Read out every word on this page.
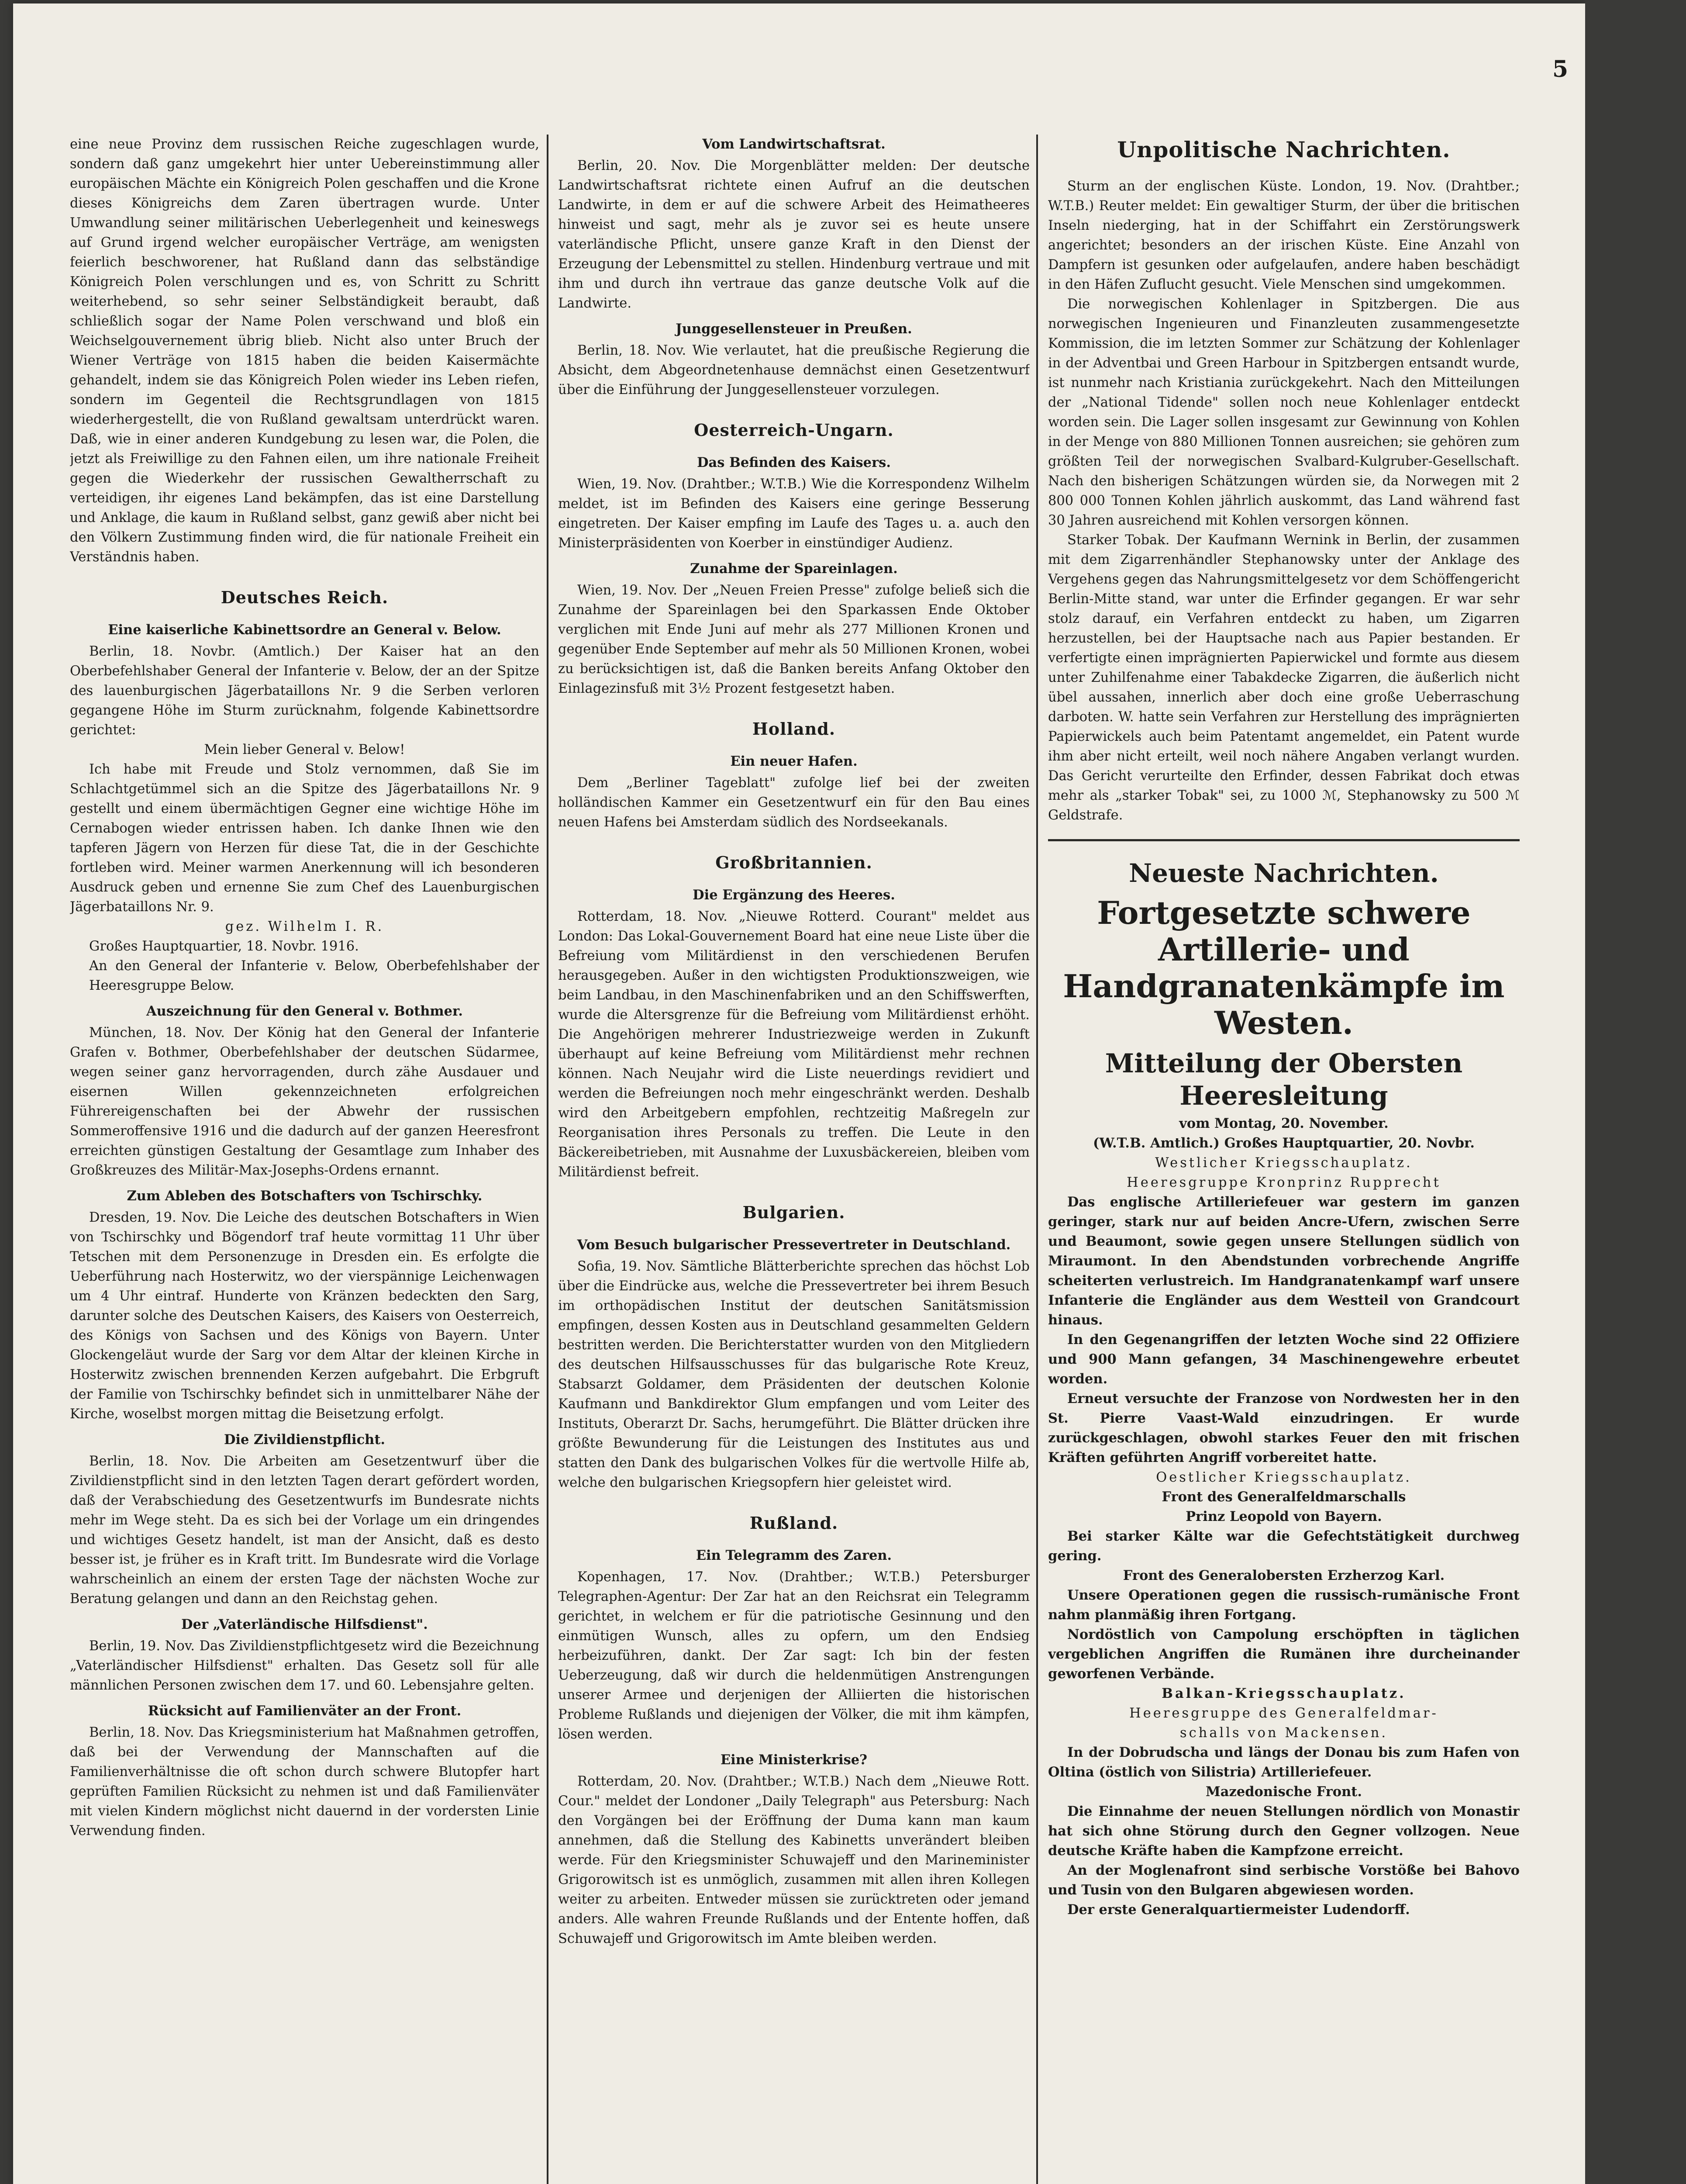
5

eine neue Provinz dem russischen Reiche zugeschlagen wurde, sondern daß ganz umgekehrt hier unter Uebereinstimmung aller europäischen Mächte ein Königreich Polen geschaffen und die Krone dieses Königreichs dem Zaren übertragen wurde. Unter Umwandlung seiner militärischen Ueberlegenheit und keineswegs auf Grund irgend welcher europäischer Verträge, am wenigsten feierlich beschworener, hat Rußland dann das selbständige Königreich Polen verschlungen und es, von Schritt zu Schritt weiterhebend, so sehr seiner Selbständigkeit beraubt, daß schließlich sogar der Name Polen verschwand und bloß ein Weichselgouvernement übrig blieb. Nicht also unter Bruch der Wiener Verträge von 1815 haben die beiden Kaisermächte gehandelt, indem sie das Königreich Polen wieder ins Leben riefen, sondern im Gegenteil die Rechtsgrundlagen von 1815 wiederhergestellt, die von Rußland gewaltsam unterdrückt waren. Daß, wie in einer anderen Kundgebung zu lesen war, die Polen, die jetzt als Freiwillige zu den Fahnen eilen, um ihre nationale Freiheit gegen die Wiederkehr der russischen Gewaltherrschaft zu verteidigen, ihr eigenes Land bekämpfen, das ist eine Darstellung und Anklage, die kaum in Rußland selbst, ganz gewiß aber nicht bei den Völkern Zustimmung finden wird, die für nationale Freiheit ein Verständnis haben.

Deutsches Reich.
Eine kaiserliche Kabinettsordre an General v. Below.

Berlin, 18. Novbr. (Amtlich.) Der Kaiser hat an den Oberbefehlshaber General der Infanterie v. Below, der an der Spitze des lauenburgischen Jägerbataillons Nr. 9 die Serben verloren gegangene Höhe im Sturm zurücknahm, folgende Kabinettsordre gerichtet:

Mein lieber General v. Below!

Ich habe mit Freude und Stolz vernommen, daß Sie im Schlachtgetümmel sich an die Spitze des Jägerbataillons Nr. 9 gestellt und einem übermächtigen Gegner eine wichtige Höhe im Cernabogen wieder entrissen haben. Ich danke Ihnen wie den tapferen Jägern von Herzen für diese Tat, die in der Geschichte fortleben wird. Meiner warmen Anerkennung will ich besonderen Ausdruck geben und ernenne Sie zum Chef des Lauenburgischen Jägerbataillons Nr. 9.

gez. Wilhelm I. R.

Großes Hauptquartier, 18. Novbr. 1916.

An den General der Infanterie v. Below, Oberbefehlshaber der Heeresgruppe Below.

Auszeichnung für den General v. Bothmer.

München, 18. Nov. Der König hat den General der Infanterie Grafen v. Bothmer, Oberbefehlshaber der deutschen Südarmee, wegen seiner ganz hervorragenden, durch zähe Ausdauer und eisernen Willen gekennzeichneten erfolgreichen Führereigenschaften bei der Abwehr der russischen Sommeroffensive 1916 und die dadurch auf der ganzen Heeresfront erreichten günstigen Gestaltung der Gesamtlage zum Inhaber des Großkreuzes des Militär-Max-Josephs-Ordens ernannt.

Zum Ableben des Botschafters von Tschirschky.

Dresden, 19. Nov. Die Leiche des deutschen Botschafters in Wien von Tschirschky und Bögendorf traf heute vormittag 11 Uhr über Tetschen mit dem Personenzuge in Dresden ein. Es erfolgte die Ueberführung nach Hosterwitz, wo der vierspännige Leichenwagen um 4 Uhr eintraf. Hunderte von Kränzen bedeckten den Sarg, darunter solche des Deutschen Kaisers, des Kaisers von Oesterreich, des Königs von Sachsen und des Königs von Bayern. Unter Glockengeläut wurde der Sarg vor dem Altar der kleinen Kirche in Hosterwitz zwischen brennenden Kerzen aufgebahrt. Die Erbgruft der Familie von Tschirschky befindet sich in unmittelbarer Nähe der Kirche, woselbst morgen mittag die Beisetzung erfolgt.

Die Zivildienstpflicht.

Berlin, 18. Nov. Die Arbeiten am Gesetzentwurf über die Zivildienstpflicht sind in den letzten Tagen derart gefördert worden, daß der Verabschiedung des Gesetzentwurfs im Bundesrate nichts mehr im Wege steht. Da es sich bei der Vorlage um ein dringendes und wichtiges Gesetz handelt, ist man der Ansicht, daß es desto besser ist, je früher es in Kraft tritt. Im Bundesrate wird die Vorlage wahrscheinlich an einem der ersten Tage der nächsten Woche zur Beratung gelangen und dann an den Reichstag gehen.

Der „Vaterländische Hilfsdienst".

Berlin, 19. Nov. Das Zivildienstpflichtgesetz wird die Bezeichnung „Vaterländischer Hilfsdienst" erhalten. Das Gesetz soll für alle männlichen Personen zwischen dem 17. und 60. Lebensjahre gelten.

Rücksicht auf Familienväter an der Front.

Berlin, 18. Nov. Das Kriegsministerium hat Maßnahmen getroffen, daß bei der Verwendung der Mannschaften auf die Familienverhältnisse die oft schon durch schwere Blutopfer hart geprüften Familien Rücksicht zu nehmen ist und daß Familienväter mit vielen Kindern möglichst nicht dauernd in der vordersten Linie Verwendung finden.

Vom Landwirtschaftsrat.

Berlin, 20. Nov. Die Morgenblätter melden: Der deutsche Landwirtschaftsrat richtete einen Aufruf an die deutschen Landwirte, in dem er auf die schwere Arbeit des Heimatheeres hinweist und sagt, mehr als je zuvor sei es heute unsere vaterländische Pflicht, unsere ganze Kraft in den Dienst der Erzeugung der Lebensmittel zu stellen. Hindenburg vertraue und mit ihm und durch ihn vertraue das ganze deutsche Volk auf die Landwirte.

Junggesellensteuer in Preußen.

Berlin, 18. Nov. Wie verlautet, hat die preußische Regierung die Absicht, dem Abgeordnetenhause demnächst einen Gesetzentwurf über die Einführung der Junggesellensteuer vorzulegen.

Oesterreich-Ungarn.
Das Befinden des Kaisers.

Wien, 19. Nov. (Drahtber.; W.T.B.) Wie die Korrespondenz Wilhelm meldet, ist im Befinden des Kaisers eine geringe Besserung eingetreten. Der Kaiser empfing im Laufe des Tages u. a. auch den Ministerpräsidenten von Koerber in einstündiger Audienz.

Zunahme der Spareinlagen.

Wien, 19. Nov. Der „Neuen Freien Presse" zufolge beließ sich die Zunahme der Spareinlagen bei den Sparkassen Ende Oktober verglichen mit Ende Juni auf mehr als 277 Millionen Kronen und gegenüber Ende September auf mehr als 50 Millionen Kronen, wobei zu berücksichtigen ist, daß die Banken bereits Anfang Oktober den Einlagezinsfuß mit 3½ Prozent festgesetzt haben.

Holland.
Ein neuer Hafen.

Dem „Berliner Tageblatt" zufolge lief bei der zweiten holländischen Kammer ein Gesetzentwurf ein für den Bau eines neuen Hafens bei Amsterdam südlich des Nordseekanals.

Großbritannien.
Die Ergänzung des Heeres.

Rotterdam, 18. Nov. „Nieuwe Rotterd. Courant" meldet aus London: Das Lokal-Gouvernement Board hat eine neue Liste über die Befreiung vom Militärdienst in den verschiedenen Berufen herausgegeben. Außer in den wichtigsten Produktionszweigen, wie beim Landbau, in den Maschinenfabriken und an den Schiffswerften, wurde die Altersgrenze für die Befreiung vom Militärdienst erhöht. Die Angehörigen mehrerer Industriezweige werden in Zukunft überhaupt auf keine Befreiung vom Militärdienst mehr rechnen können. Nach Neujahr wird die Liste neuerdings revidiert und werden die Befreiungen noch mehr eingeschränkt werden. Deshalb wird den Arbeitgebern empfohlen, rechtzeitig Maßregeln zur Reorganisation ihres Personals zu treffen. Die Leute in den Bäckereibetrieben, mit Ausnahme der Luxusbäckereien, bleiben vom Militärdienst befreit.

Bulgarien.
Vom Besuch bulgarischer Pressevertreter in Deutschland.

Sofia, 19. Nov. Sämtliche Blätterberichte sprechen das höchst Lob über die Eindrücke aus, welche die Pressevertreter bei ihrem Besuch im orthopädischen Institut der deutschen Sanitätsmission empfingen, dessen Kosten aus in Deutschland gesammelten Geldern bestritten werden. Die Berichterstatter wurden von den Mitgliedern des deutschen Hilfsausschusses für das bulgarische Rote Kreuz, Stabsarzt Goldamer, dem Präsidenten der deutschen Kolonie Kaufmann und Bankdirektor Glum empfangen und vom Leiter des Instituts, Oberarzt Dr. Sachs, herumgeführt. Die Blätter drücken ihre größte Bewunderung für die Leistungen des Institutes aus und statten den Dank des bulgarischen Volkes für die wertvolle Hilfe ab, welche den bulgarischen Kriegsopfern hier geleistet wird.

Rußland.
Ein Telegramm des Zaren.

Kopenhagen, 17. Nov. (Drahtber.; W.T.B.) Petersburger Telegraphen-Agentur: Der Zar hat an den Reichsrat ein Telegramm gerichtet, in welchem er für die patriotische Gesinnung und den einmütigen Wunsch, alles zu opfern, um den Endsieg herbeizuführen, dankt. Der Zar sagt: Ich bin der festen Ueberzeugung, daß wir durch die heldenmütigen Anstrengungen unserer Armee und derjenigen der Alliierten die historischen Probleme Rußlands und diejenigen der Völker, die mit ihm kämpfen, lösen werden.

Eine Ministerkrise?

Rotterdam, 20. Nov. (Drahtber.; W.T.B.) Nach dem „Nieuwe Rott. Cour." meldet der Londoner „Daily Telegraph" aus Petersburg: Nach den Vorgängen bei der Eröffnung der Duma kann man kaum annehmen, daß die Stellung des Kabinetts unverändert bleiben werde. Für den Kriegsminister Schuwajeff und den Marineminister Grigorowitsch ist es unmöglich, zusammen mit allen ihren Kollegen weiter zu arbeiten. Entweder müssen sie zurücktreten oder jemand anders. Alle wahren Freunde Rußlands und der Entente hoffen, daß Schuwajeff und Grigorowitsch im Amte bleiben werden.

Unpolitische Nachrichten.

Sturm an der englischen Küste. London, 19. Nov. (Drahtber.; W.T.B.) Reuter meldet: Ein gewaltiger Sturm, der über die britischen Inseln niederging, hat in der Schiffahrt ein Zerstörungswerk angerichtet; besonders an der irischen Küste. Eine Anzahl von Dampfern ist gesunken oder aufgelaufen, andere haben beschädigt in den Häfen Zuflucht gesucht. Viele Menschen sind umgekommen.

Die norwegischen Kohlenlager in Spitzbergen. Die aus norwegischen Ingenieuren und Finanzleuten zusammengesetzte Kommission, die im letzten Sommer zur Schätzung der Kohlenlager in der Adventbai und Green Harbour in Spitzbergen entsandt wurde, ist nunmehr nach Kristiania zurückgekehrt. Nach den Mitteilungen der „National Tidende" sollen noch neue Kohlenlager entdeckt worden sein. Die Lager sollen insgesamt zur Gewinnung von Kohlen in der Menge von 880 Millionen Tonnen ausreichen; sie gehören zum größten Teil der norwegischen Svalbard-Kulgruber-Gesellschaft. Nach den bisherigen Schätzungen würden sie, da Norwegen mit 2 800 000 Tonnen Kohlen jährlich auskommt, das Land während fast 30 Jahren ausreichend mit Kohlen versorgen können.

Starker Tobak. Der Kaufmann Wernink in Berlin, der zusammen mit dem Zigarrenhändler Stephanowsky unter der Anklage des Vergehens gegen das Nahrungsmittelgesetz vor dem Schöffengericht Berlin-Mitte stand, war unter die Erfinder gegangen. Er war sehr stolz darauf, ein Verfahren entdeckt zu haben, um Zigarren herzustellen, bei der Hauptsache nach aus Papier bestanden. Er verfertigte einen imprägnierten Papierwickel und formte aus diesem unter Zuhilfenahme einer Tabakdecke Zigarren, die äußerlich nicht übel aussahen, innerlich aber doch eine große Ueberraschung darboten. W. hatte sein Verfahren zur Herstellung des imprägnierten Papierwickels auch beim Patentamt angemeldet, ein Patent wurde ihm aber nicht erteilt, weil noch nähere Angaben verlangt wurden. Das Gericht verurteilte den Erfinder, dessen Fabrikat doch etwas mehr als „starker Tobak" sei, zu 1000 ℳ, Stephanowsky zu 500 ℳ Geldstrafe.

Neueste Nachrichten.
Fortgesetzte schwere Artillerie- und Handgranatenkämpfe im Westen.
Mitteilung der Obersten Heeresleitung

vom Montag, 20. November.

(W.T.B. Amtlich.) Großes Hauptquartier, 20. Novbr.

Westlicher Kriegsschauplatz.

Heeresgruppe Kronprinz Rupprecht

Das englische Artilleriefeuer war gestern im ganzen geringer, stark nur auf beiden Ancre-Ufern, zwischen Serre und Beaumont, sowie gegen unsere Stellungen südlich von Miraumont. In den Abendstunden vorbrechende Angriffe scheiterten verlustreich. Im Handgranatenkampf warf unsere Infanterie die Engländer aus dem Westteil von Grandcourt hinaus.

In den Gegenangriffen der letzten Woche sind 22 Offiziere und 900 Mann gefangen, 34 Maschinengewehre erbeutet worden.

Erneut versuchte der Franzose von Nordwesten her in den St. Pierre Vaast-Wald einzudringen. Er wurde zurückgeschlagen, obwohl starkes Feuer den mit frischen Kräften geführten Angriff vorbereitet hatte.

Oestlicher Kriegsschauplatz.

Front des Generalfeldmarschalls

Prinz Leopold von Bayern.

Bei starker Kälte war die Gefechtstätigkeit durchweg gering.

Front des Generalobersten Erzherzog Karl.

Unsere Operationen gegen die russisch-rumänische Front nahm planmäßig ihren Fortgang.

Nordöstlich von Campolung erschöpften in täglichen vergeblichen Angriffen die Rumänen ihre durcheinander geworfenen Verbände.

Balkan-Kriegsschauplatz.

Heeresgruppe des Generalfeldmar-

schalls von Mackensen.

In der Dobrudscha und längs der Donau bis zum Hafen von Oltina (östlich von Silistria) Artilleriefeuer.

Mazedonische Front.

Die Einnahme der neuen Stellungen nördlich von Monastir hat sich ohne Störung durch den Gegner vollzogen. Neue deutsche Kräfte haben die Kampfzone erreicht.

An der Moglenafront sind serbische Vorstöße bei Bahovo und Tusin von den Bulgaren abgewiesen worden.

Der erste Generalquartiermeister Ludendorff.
